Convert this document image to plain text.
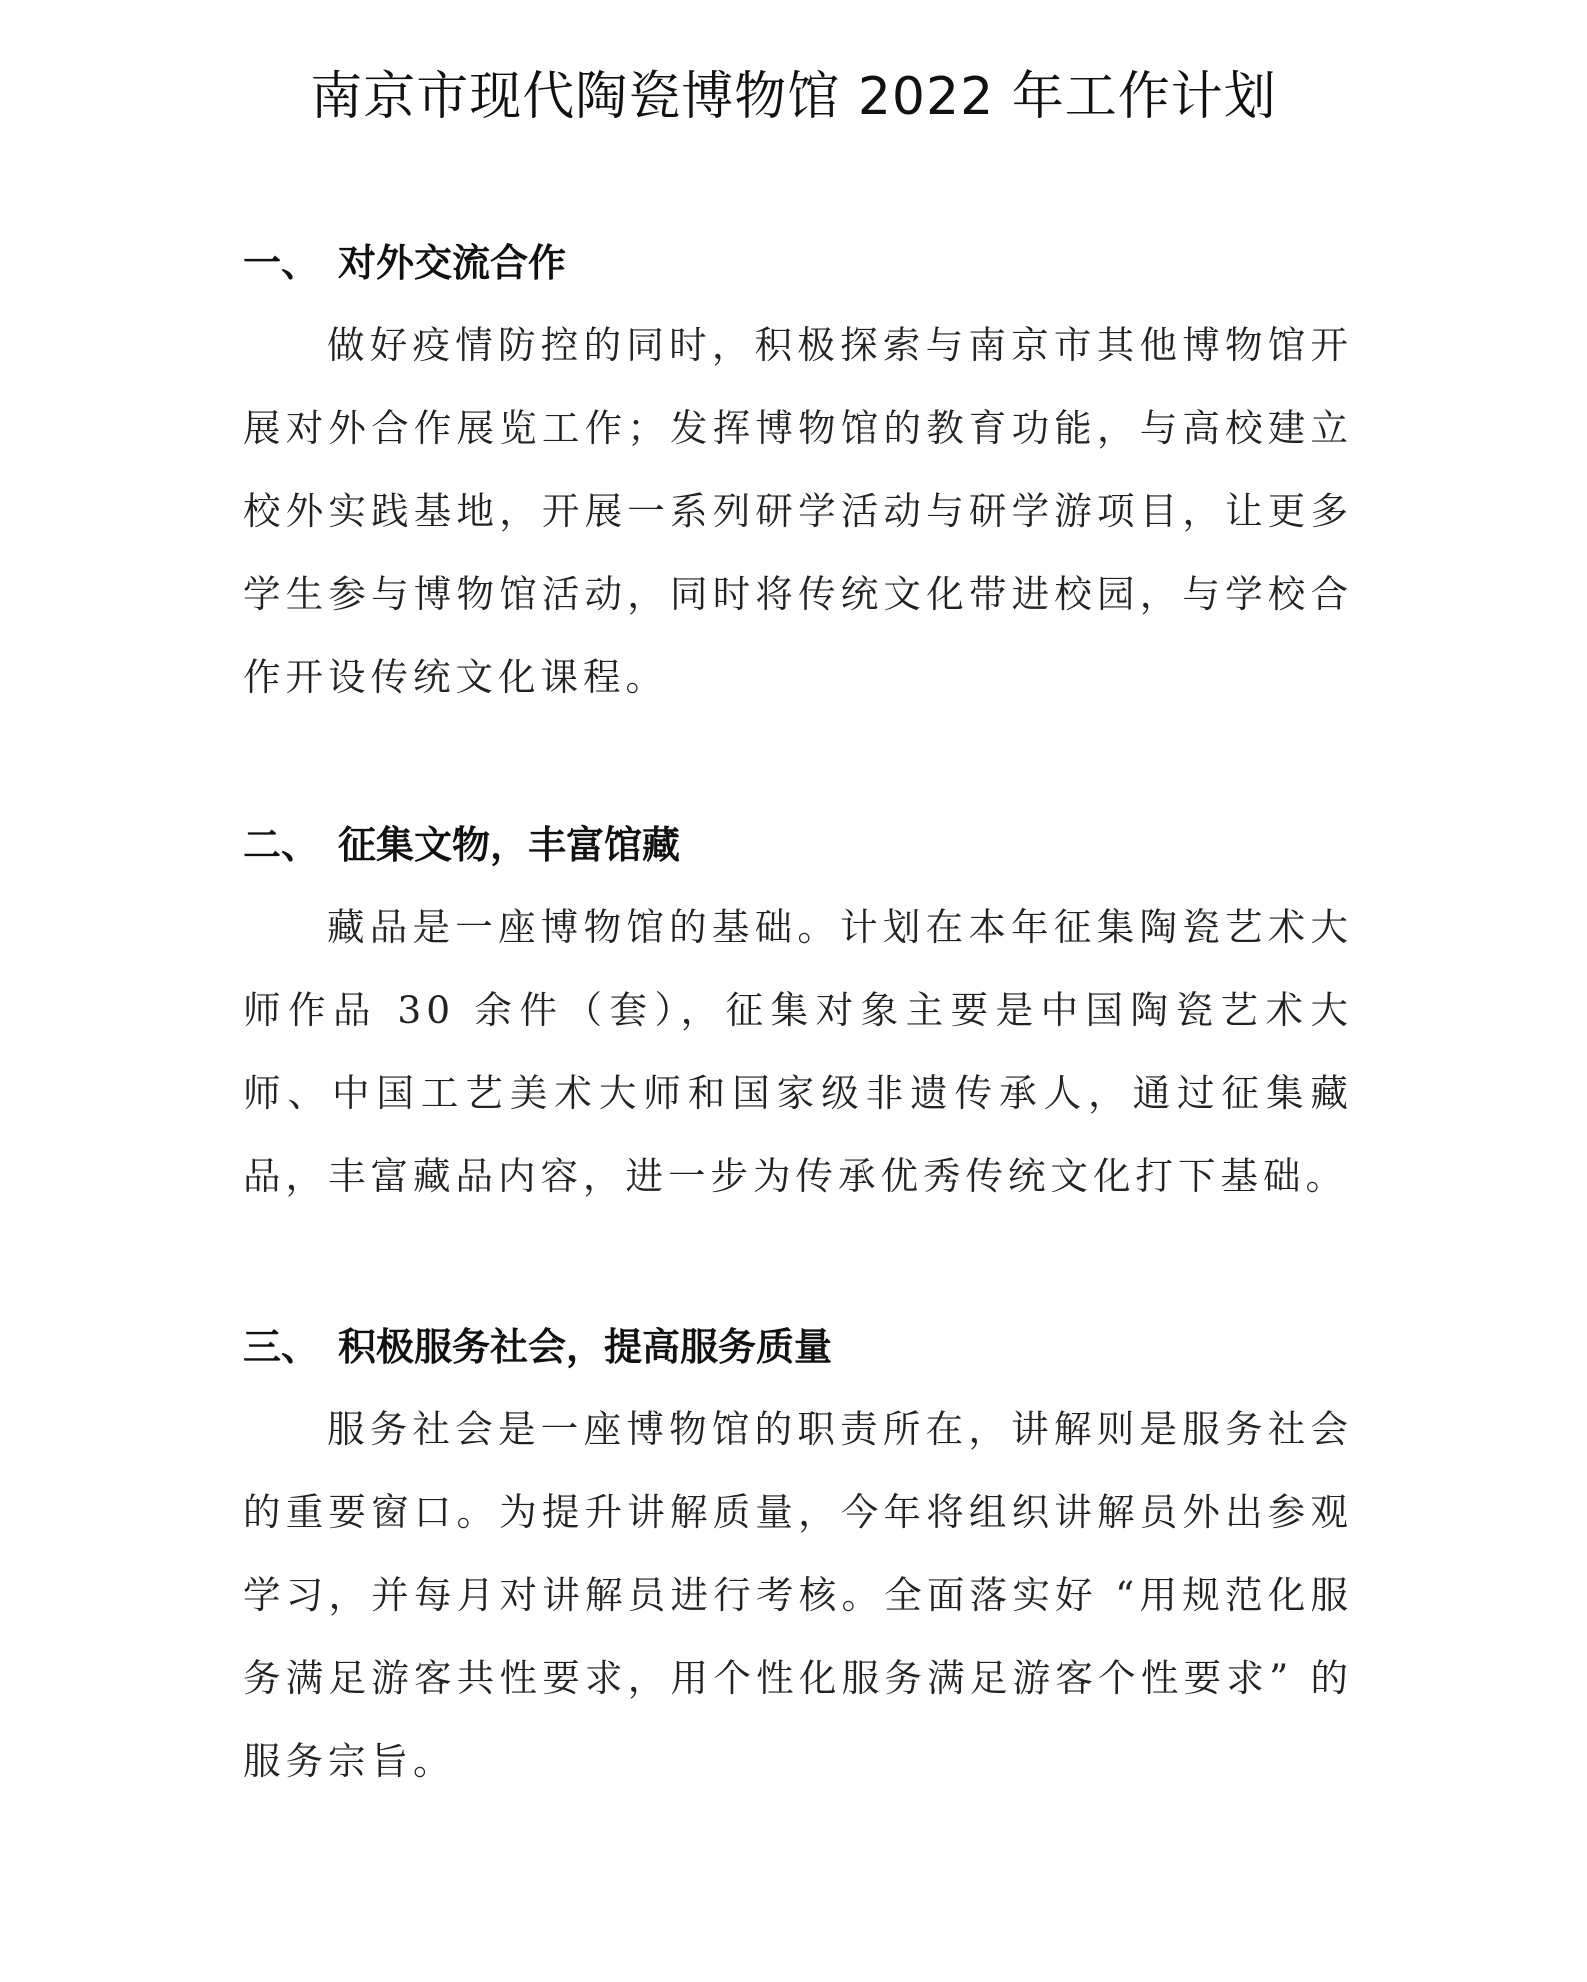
南京市现代陶瓷博物馆 2022 年工作计划
一、 对外交流合作

做好疫情防控的同时，积极探索与南京市其他博物馆开展对外合作展览工作；发挥博物馆的教育功能，与高校建立校外实践基地，开展一系列研学活动与研学游项目，让更多学生参与博物馆活动，同时将传统文化带进校园，与学校合作开设传统文化课程。

二、 征集文物，丰富馆藏

藏品是一座博物馆的基础。计划在本年征集陶瓷艺术大师作品 30 余件（套），征集对象主要是中国陶瓷艺术大师、中国工艺美术大师和国家级非遗传承人，通过征集藏品，丰富藏品内容，进一步为传承优秀传统文化打下基础。

三、 积极服务社会，提高服务质量

服务社会是一座博物馆的职责所在，讲解则是服务社会的重要窗口。为提升讲解质量，今年将组织讲解员外出参观学习，并每月对讲解员进行考核。全面落实好 “用规范化服务满足游客共性要求，用个性化服务满足游客个性要求” 的服务宗旨。
